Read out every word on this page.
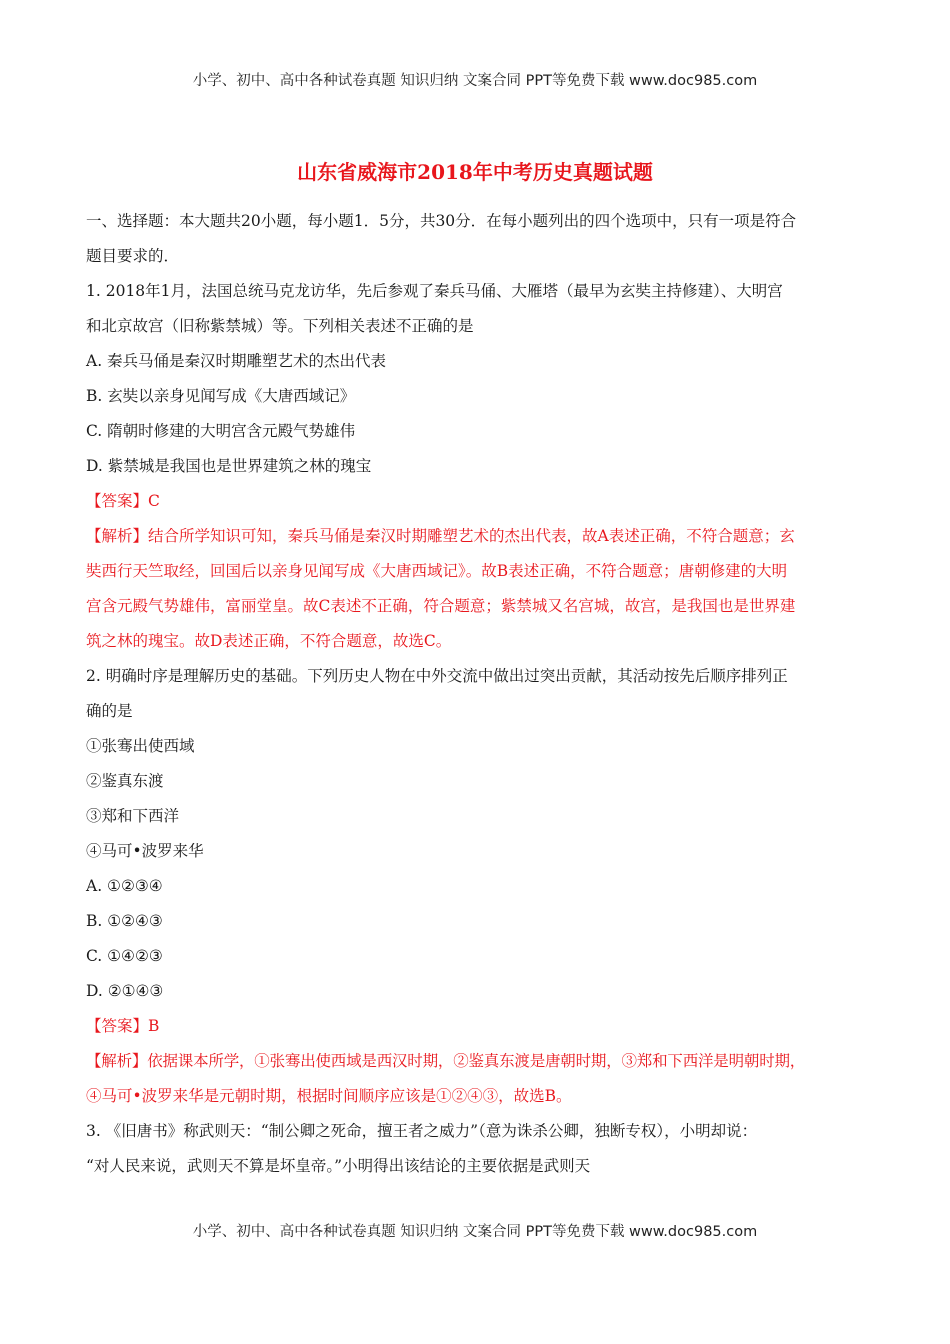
小学、初中、高中各种试卷真题 知识归纳 文案合同 PPT等免费下载 www.doc985.com
山东省威海市2018年中考历史真题试题
一、选择题：本大题共20小题，每小题1．5分，共30分．在每小题列出的四个选项中，只有一项是符合
题目要求的．
1. 2018年1月，法国总统马克龙访华，先后参观了秦兵马俑、大雁塔（最早为玄奘主持修建）、大明宫
和北京故宫（旧称紫禁城）等。下列相关表述不正确的是
A. 秦兵马俑是秦汉时期雕塑艺术的杰出代表
B. 玄奘以亲身见闻写成《大唐西域记》
C. 隋朝时修建的大明宫含元殿气势雄伟
D. 紫禁城是我国也是世界建筑之林的瑰宝
【答案】C
【解析】结合所学知识可知，秦兵马俑是秦汉时期雕塑艺术的杰出代表，故A表述正确，不符合题意；玄
奘西行天竺取经，回国后以亲身见闻写成《大唐西域记》。故B表述正确，不符合题意；唐朝修建的大明
宫含元殿气势雄伟，富丽堂皇。故C表述不正确，符合题意；紫禁城又名宫城，故宫，是我国也是世界建
筑之林的瑰宝。故D表述正确，不符合题意，故选C。
2. 明确时序是理解历史的基础。下列历史人物在中外交流中做出过突出贡献，其活动按先后顺序排列正
确的是
①张骞出使西域
②鉴真东渡
③郑和下西洋
④马可•波罗来华
A. ①②③④
B. ①②④③
C. ①④②③
D. ②①④③
【答案】B
【解析】依据课本所学，①张骞出使西域是西汉时期，②鉴真东渡是唐朝时期，③郑和下西洋是明朝时期，
④马可•波罗来华是元朝时期，根据时间顺序应该是①②④③，故选B。
3. 《旧唐书》称武则天：“制公卿之死命，擅王者之威力”（意为诛杀公卿，独断专权），小明却说：
“对人民来说，武则天不算是坏皇帝。”小明得出该结论的主要依据是武则天
小学、初中、高中各种试卷真题 知识归纳 文案合同 PPT等免费下载 www.doc985.com
